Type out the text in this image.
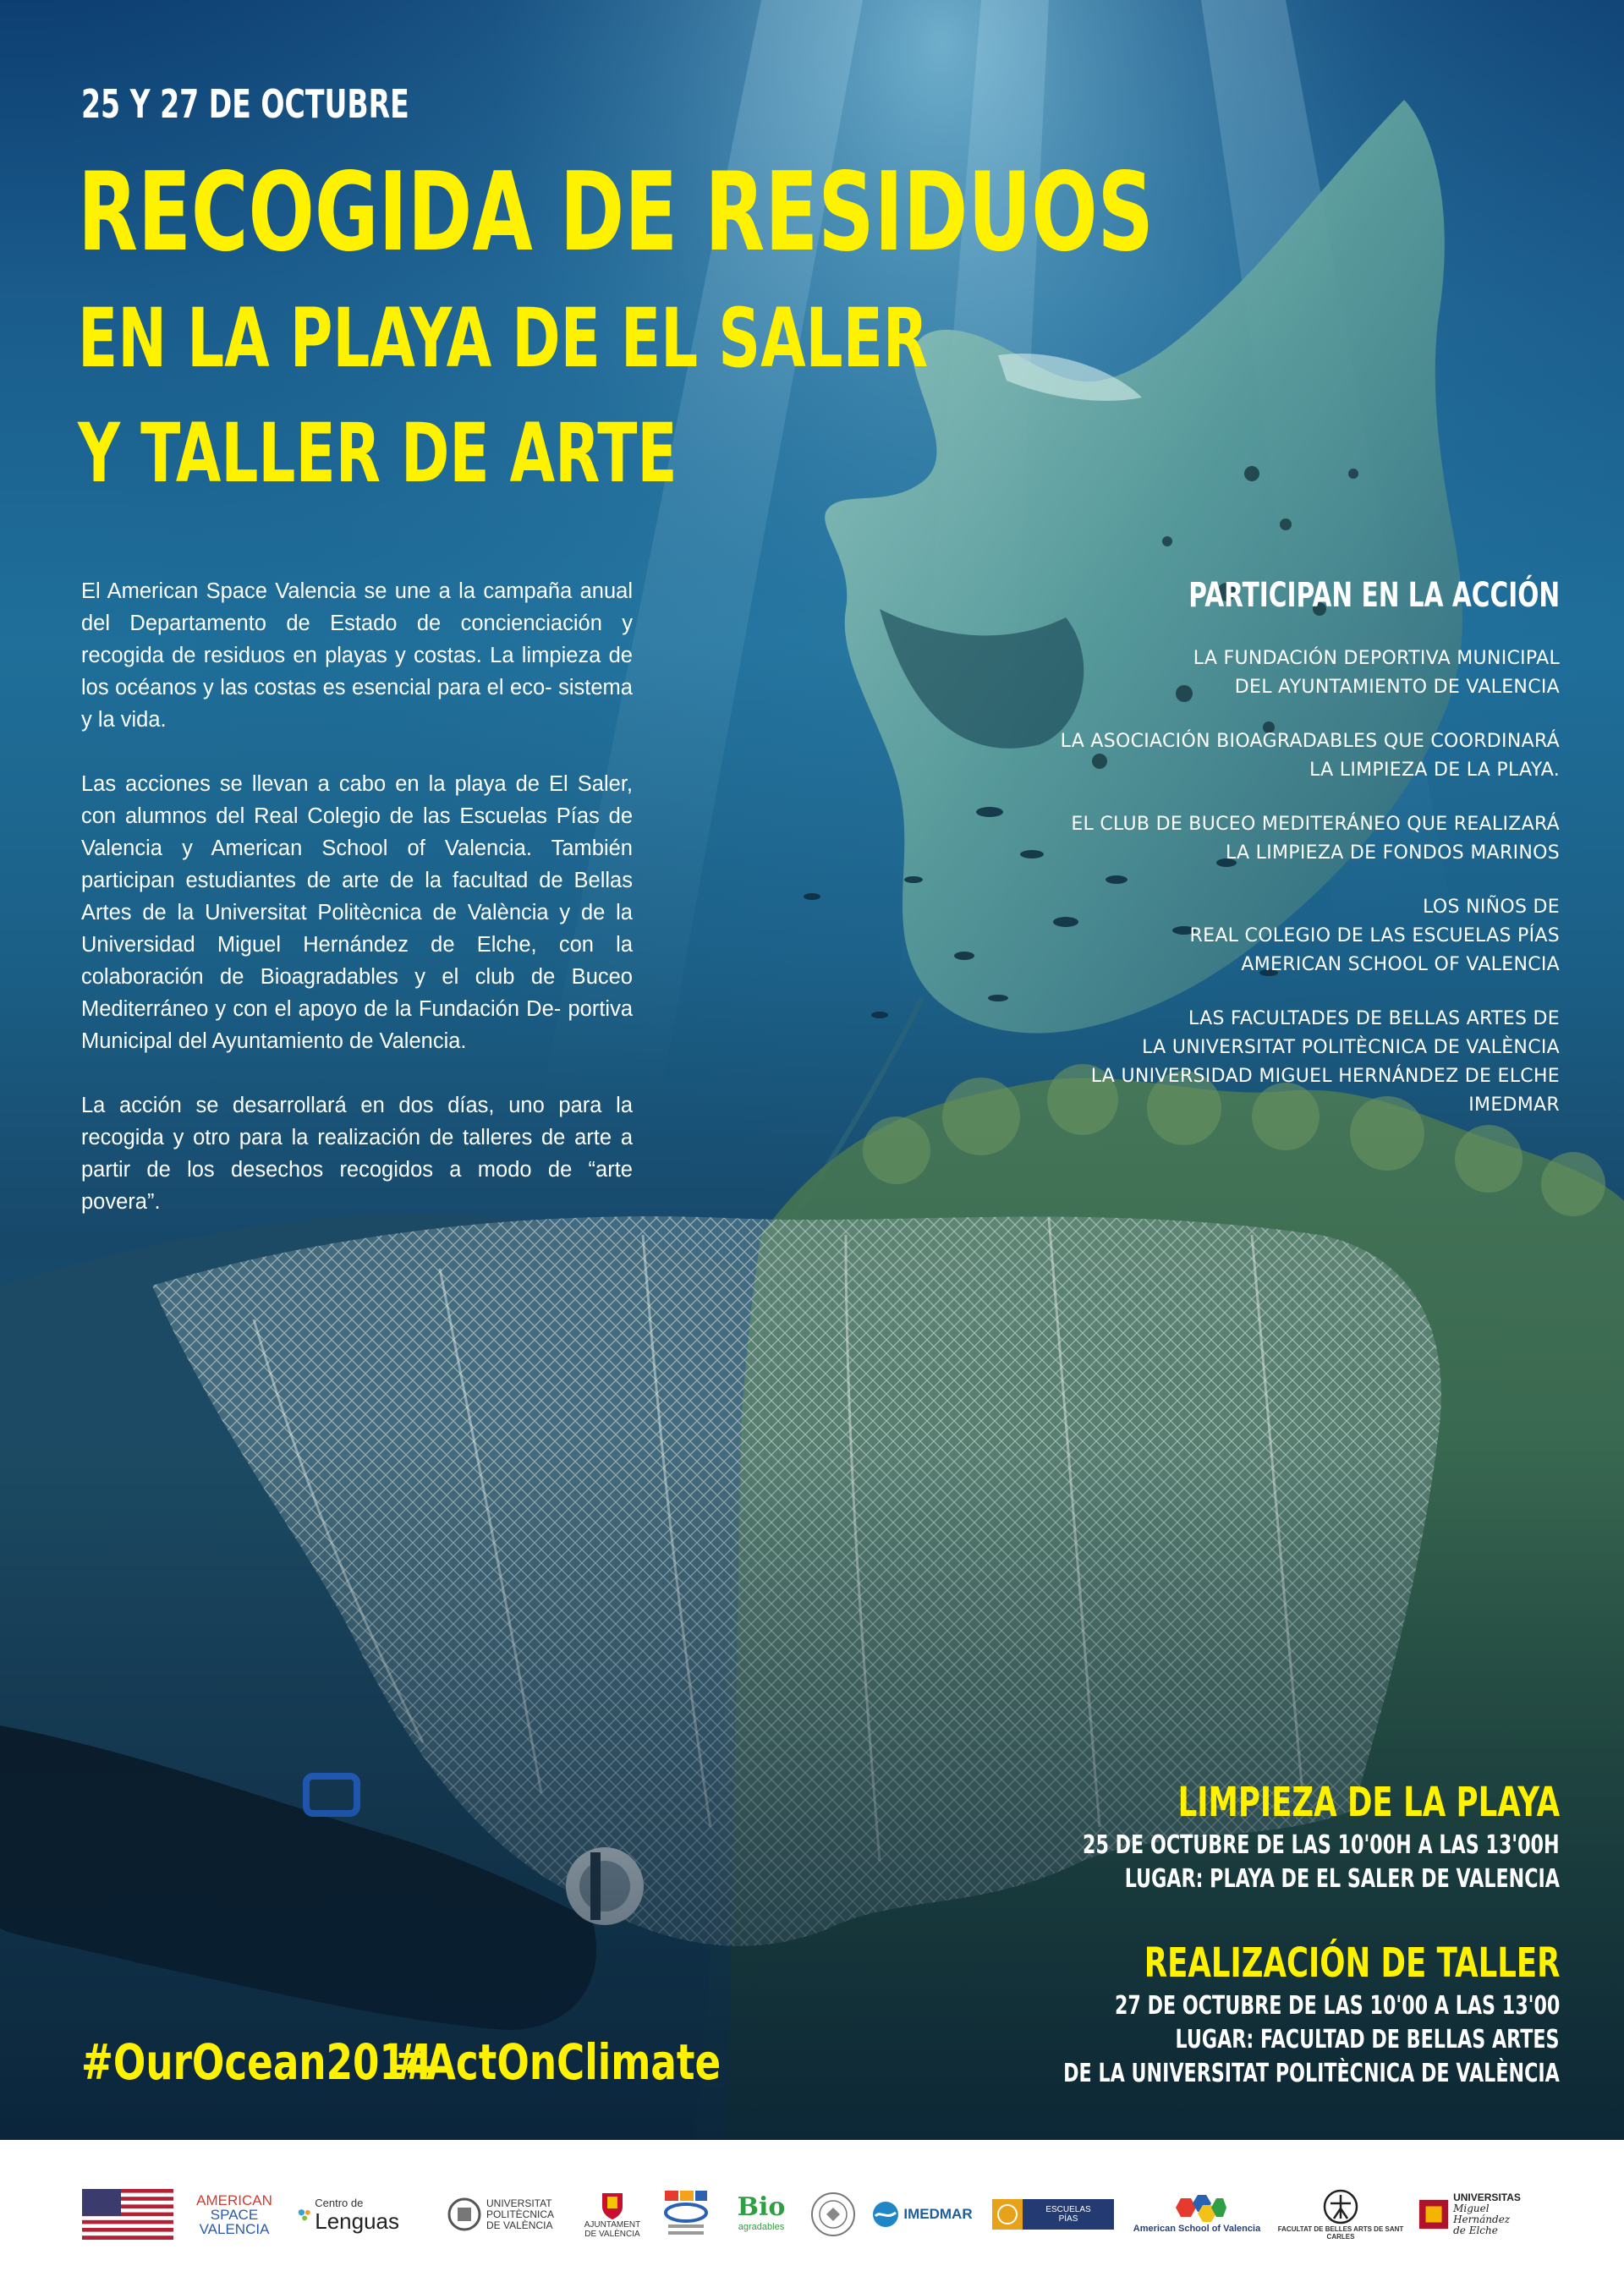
25 Y 27 DE OCTUBRE
RECOGIDA DE RESIDUOS
EN LA PLAYA DE EL SALER
Y TALLER DE ARTE

El American Space Valencia se une a la campaña anual del Departamento de Estado de concienciación y recogida de residuos en playas y costas. La limpieza de los océanos y las costas es esencial para el eco- sistema y la vida.

Las acciones se llevan a cabo en la playa de El Saler, con alumnos del Real Colegio de las Escuelas Pías de Valencia y American School of Valencia. También participan estudiantes de arte de la facultad de Bellas Artes de la Universitat Politècnica de València y de la Universidad Miguel Hernández de Elche, con la colaboración de Bioagradables y el club de Buceo Mediterráneo y con el apoyo de la Fundación De- portiva Municipal del Ayuntamiento de Valencia.

La acción se desarrollará en dos días, uno para la recogida y otro para la realización de talleres de arte a partir de los desechos recogidos a modo de “arte povera”.

PARTICIPAN EN LA ACCIÓN
LA FUNDACIÓN DEPORTIVA MUNICIPAL
DEL AYUNTAMIENTO DE VALENCIA
LA ASOCIACIÓN BIOAGRADABLES QUE COORDINARÁ
LA LIMPIEZA DE LA PLAYA.
EL CLUB DE BUCEO MEDITERÁNEO QUE REALIZARÁ
LA LIMPIEZA DE FONDOS MARINOS
LOS NIÑOS DE
REAL COLEGIO DE LAS ESCUELAS PÍAS
AMERICAN SCHOOL OF VALENCIA
LAS FACULTADES DE BELLAS ARTES DE
LA UNIVERSITAT POLITÈCNICA DE VALÈNCIA
LA UNIVERSIDAD MIGUEL HERNÁNDEZ DE ELCHE
IMEDMAR
LIMPIEZA DE LA PLAYA
25 DE OCTUBRE DE LAS 10'00H A LAS 13'00H
LUGAR: PLAYA DE EL SALER DE VALENCIA
REALIZACIÓN DE TALLER
27 DE OCTUBRE DE LAS 10'00 A LAS 13'00
LUGAR: FACULTAD DE BELLAS ARTES
DE LA UNIVERSITAT POLITÈCNICA DE VALÈNCIA
#OurOcean2014
#ActOnClimate
AMERICAN
SPACE
VALENCIA
Centro de
Lenguas
UNIVERSITAT
POLITÈCNICA
DE VALÈNCIA	AJUNTAMENT
DE VALÈNCIA
Bio
agradables
IMEDMAR	ESCUELAS
PÍAS
American School of Valencia	FACULTAT DE BELLES ARTS DE SANT CARLES
UNIVERSITAS
Miguel Hernández
de Elche
